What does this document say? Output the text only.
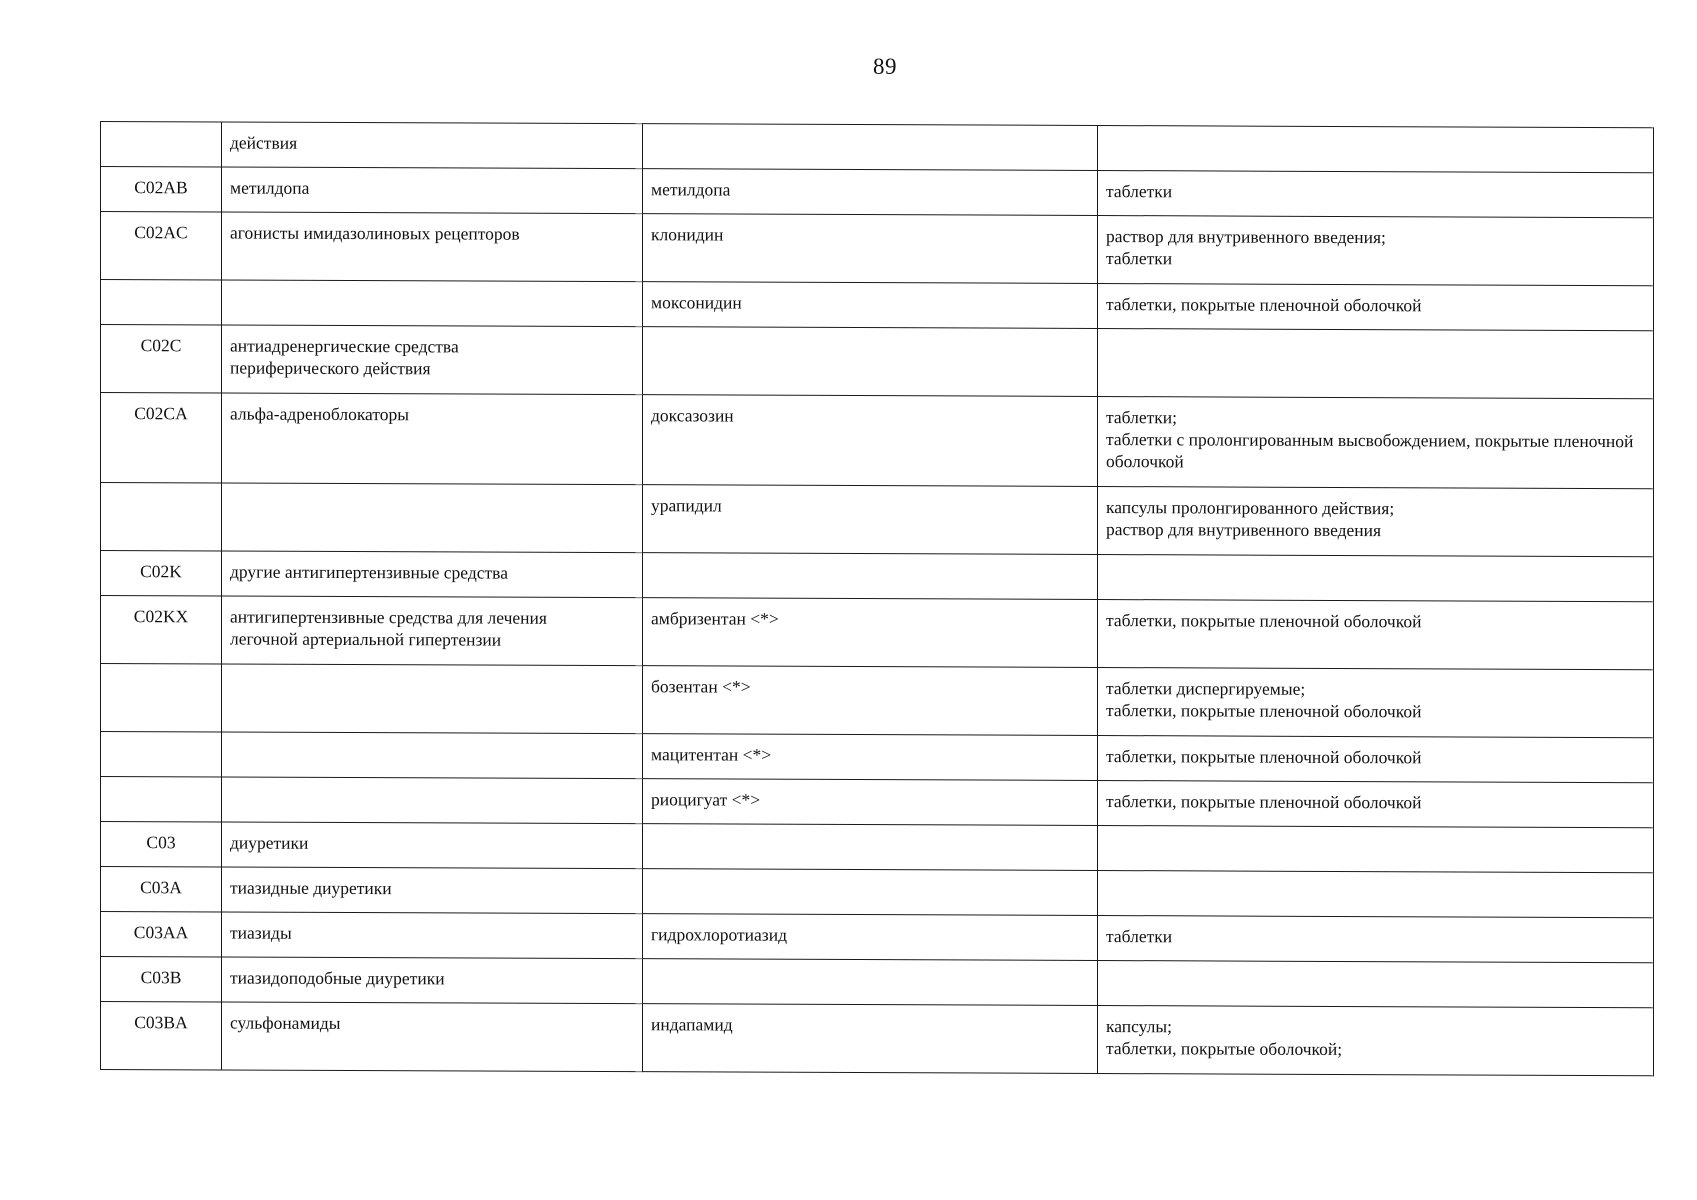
89
	действия		
C02AB	метилдопа	метилдопа	таблетки
C02AC	агонисты имидазолиновых рецепторов	клонидин	раствор для внутривенного введения;
таблетки
		моксонидин	таблетки, покрытые пленочной оболочкой
C02C	антиадренергические средства
периферического действия		
C02CA	альфа-адреноблокаторы	доксазозин	таблетки;
таблетки с пролонгированным высвобождением, покрытые пленочной оболочкой
		урапидил	капсулы пролонгированного действия;
раствор для внутривенного введения
C02K	другие антигипертензивные средства		
C02KX	антигипертензивные средства для лечения
легочной артериальной гипертензии	амбризентан <*>	таблетки, покрытые пленочной оболочкой
		бозентан <*>	таблетки диспергируемые;
таблетки, покрытые пленочной оболочкой
		мацитентан <*>	таблетки, покрытые пленочной оболочкой
		риоцигуат <*>	таблетки, покрытые пленочной оболочкой
C03	диуретики		
C03A	тиазидные диуретики		
C03AA	тиазиды	гидрохлоротиазид	таблетки
C03B	тиазидоподобные диуретики		
C03BA	сульфонамиды	индапамид	капсулы;
таблетки, покрытые оболочкой;
